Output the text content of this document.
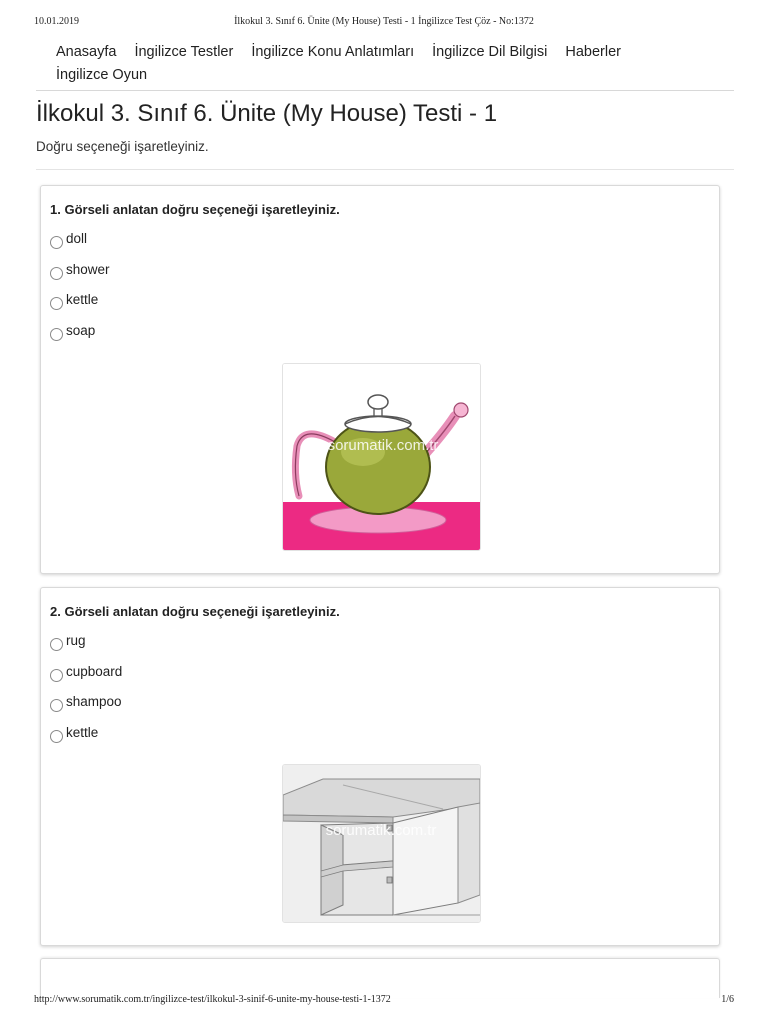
10.01.2019	İlkokul 3. Sınıf 6. Ünite (My House) Testi - 1 İngilizce Test Çöz - No:1372
Anasayfa İngilizce Testler İngilizce Konu Anlatımları İngilizce Dil Bilgisi Haberler
İngilizce Oyun
İlkokul 3. Sınıf 6. Ünite (My House) Testi - 1
Doğru seçeneği işaretleyiniz.
1. Görseli anlatan doğru seçeneği işaretleyiniz.
doll
shower
kettle
soap
sorumatik.com.tr
2. Görseli anlatan doğru seçeneği işaretleyiniz.
rug
cupboard
shampoo
kettle
sorumatik.com.tr
http://www.sorumatik.com.tr/ingilizce-test/ilkokul-3-sinif-6-unite-my-house-testi-1-1372	1/6
